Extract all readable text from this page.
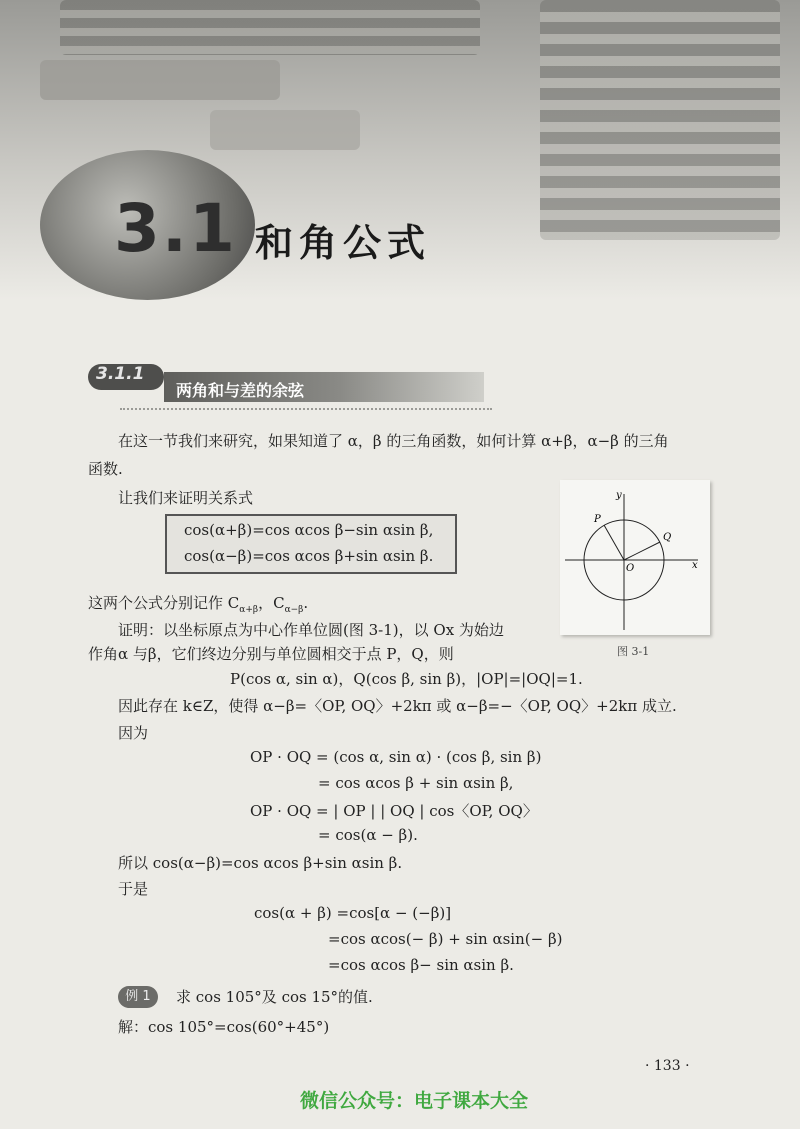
3.1 和角公式
3.1.1
两角和与差的余弦
在这一节我们来研究，如果知道了 α，β 的三角函数，如何计算 α+β，α−β 的三角
函数.
让我们来证明关系式
cos(α+β)=cos αcos β−sin αsin β,
cos(α−β)=cos αcos β+sin αsin β.
这两个公式分别记作 $C_{\alpha+\beta}$，$C_{\alpha-\beta}$.
证明：以坐标原点为中心作单位圆(图 3-1)，以 Ox 为始边
作角α 与β，它们终边分别与单位圆相交于点 P，Q，则
x
y
O
P
Q
图 3-1
P(cos α, sin α)，Q(cos β, sin β)，|OP|=|OQ|=1.
因此存在 k∈Z，使得 α−β=〈OP, OQ〉+2kπ 或 α−β=−〈OP, OQ〉+2kπ 成立.
因为
OP · OQ = (cos α, sin α) · (cos β, sin β)
= cos αcos β + sin αsin β,
OP · OQ = | OP | | OQ | cos〈OP, OQ〉
= cos(α − β).
所以 cos(α−β)=cos αcos β+sin αsin β.
于是
cos(α + β) =cos[α − (−β)]
=cos αcos(− β) + sin αsin(− β)
=cos αcos β− sin αsin β.
例 1	求 cos 105°及 cos 15°的值.
解：cos 105°=cos(60°+45°)
· 133 ·
微信公众号：电子课本大全
